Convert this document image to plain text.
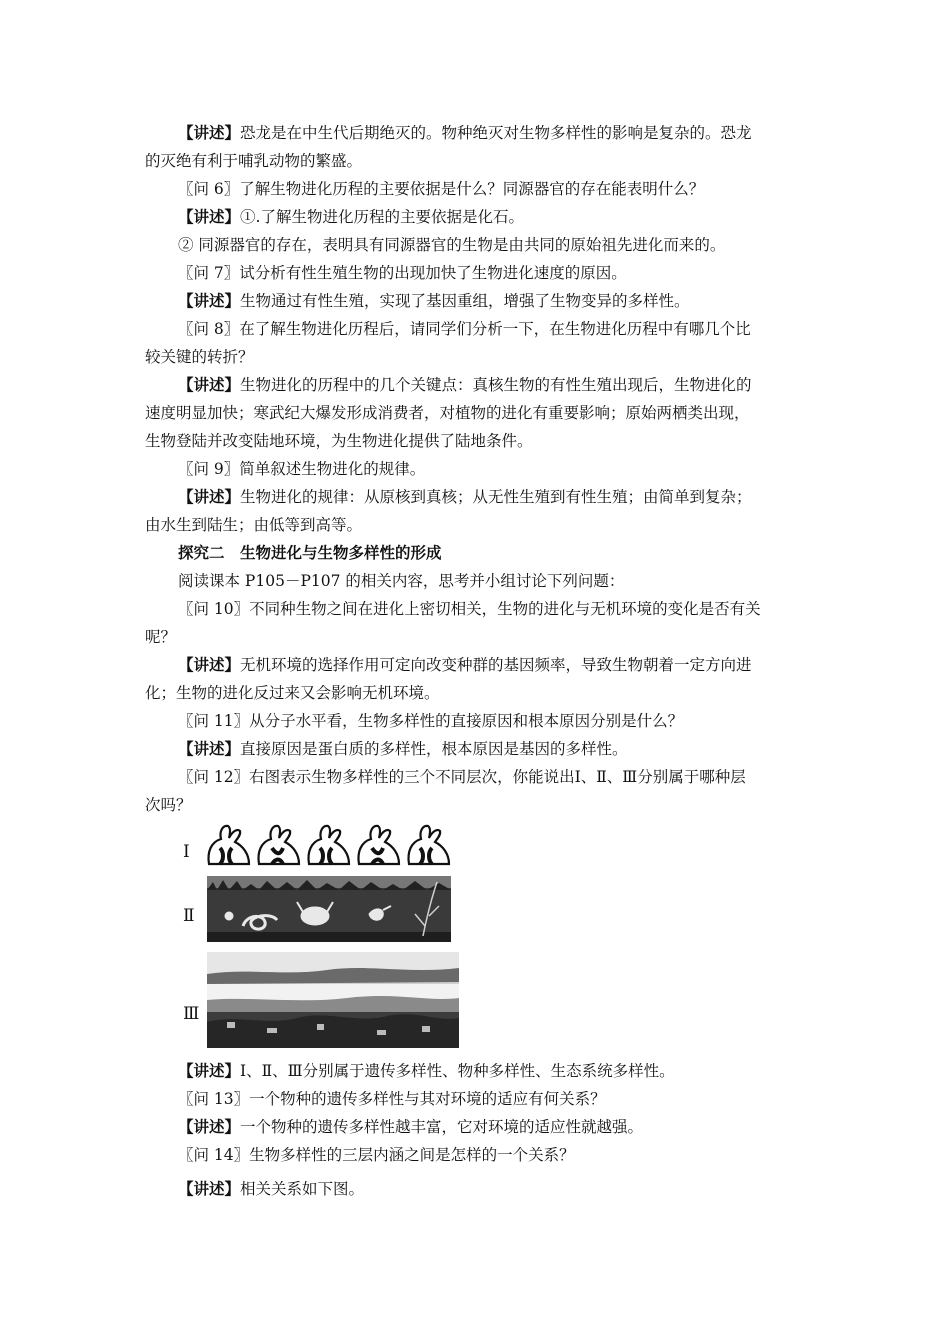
【讲述】恐龙是在中生代后期绝灭的。物种绝灭对生物多样性的影响是复杂的。恐龙
的灭绝有利于哺乳动物的繁盛。
〖问 6〗了解生物进化历程的主要依据是什么？同源器官的存在能表明什么？
【讲述】①.了解生物进化历程的主要依据是化石。
② 同源器官的存在，表明具有同源器官的生物是由共同的原始祖先进化而来的。
〖问 7〗试分析有性生殖生物的出现加快了生物进化速度的原因。
【讲述】生物通过有性生殖，实现了基因重组，增强了生物变异的多样性。
〖问 8〗在了解生物进化历程后，请同学们分析一下，在生物进化历程中有哪几个比
较关键的转折？
【讲述】生物进化的历程中的几个关键点：真核生物的有性生殖出现后，生物进化的
速度明显加快；寒武纪大爆发形成消费者，对植物的进化有重要影响；原始两栖类出现，
生物登陆并改变陆地环境，为生物进化提供了陆地条件。
〖问 9〗简单叙述生物进化的规律。
【讲述】生物进化的规律：从原核到真核；从无性生殖到有性生殖；由简单到复杂；
由水生到陆生；由低等到高等。
探究二　生物进化与生物多样性的形成
阅读课本 P105－P107 的相关内容，思考并小组讨论下列问题：
〖问 10〗不同种生物之间在进化上密切相关，生物的进化与无机环境的变化是否有关
呢？
【讲述】无机环境的选择作用可定向改变种群的基因频率，导致生物朝着一定方向进
化；生物的进化反过来又会影响无机环境。
〖问 11〗从分子水平看，生物多样性的直接原因和根本原因分别是什么？
【讲述】直接原因是蛋白质的多样性，根本原因是基因的多样性。
〖问 12〗右图表示生物多样性的三个不同层次，你能说出Ⅰ、Ⅱ、Ⅲ分别属于哪种层
次吗？
Ⅰ
Ⅱ
Ⅲ
【讲述】Ⅰ、Ⅱ、Ⅲ分别属于遗传多样性、物种多样性、生态系统多样性。
〖问 13〗一个物种的遗传多样性与其对环境的适应有何关系？
【讲述】一个物种的遗传多样性越丰富，它对环境的适应性就越强。
〖问 14〗生物多样性的三层内涵之间是怎样的一个关系？
【讲述】相关关系如下图。
